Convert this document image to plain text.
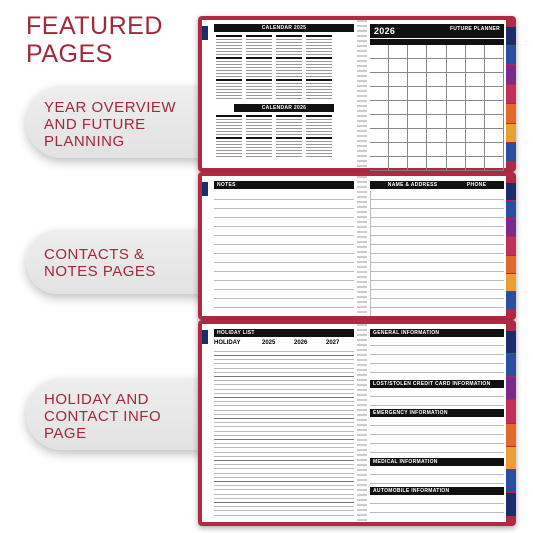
FEATURED
PAGES
YEAR OVERVIEW
AND FUTURE
PLANNING
CONTACTS &
NOTES PAGES
HOLIDAY AND
CONTACT INFO
PAGE
CALENDAR 2025

CALENDAR 2026

2026	FUTURE PLANNER
NOTES	NAME & ADDRESS	PHONE
HOLIDAY LIST
HOLIDAY	2025	2026	2027
GENERAL INFORMATION
LOST/STOLEN CREDIT CARD INFORMATION
EMERGENCY INFORMATION
MEDICAL INFORMATION
AUTOMOBILE INFORMATION
